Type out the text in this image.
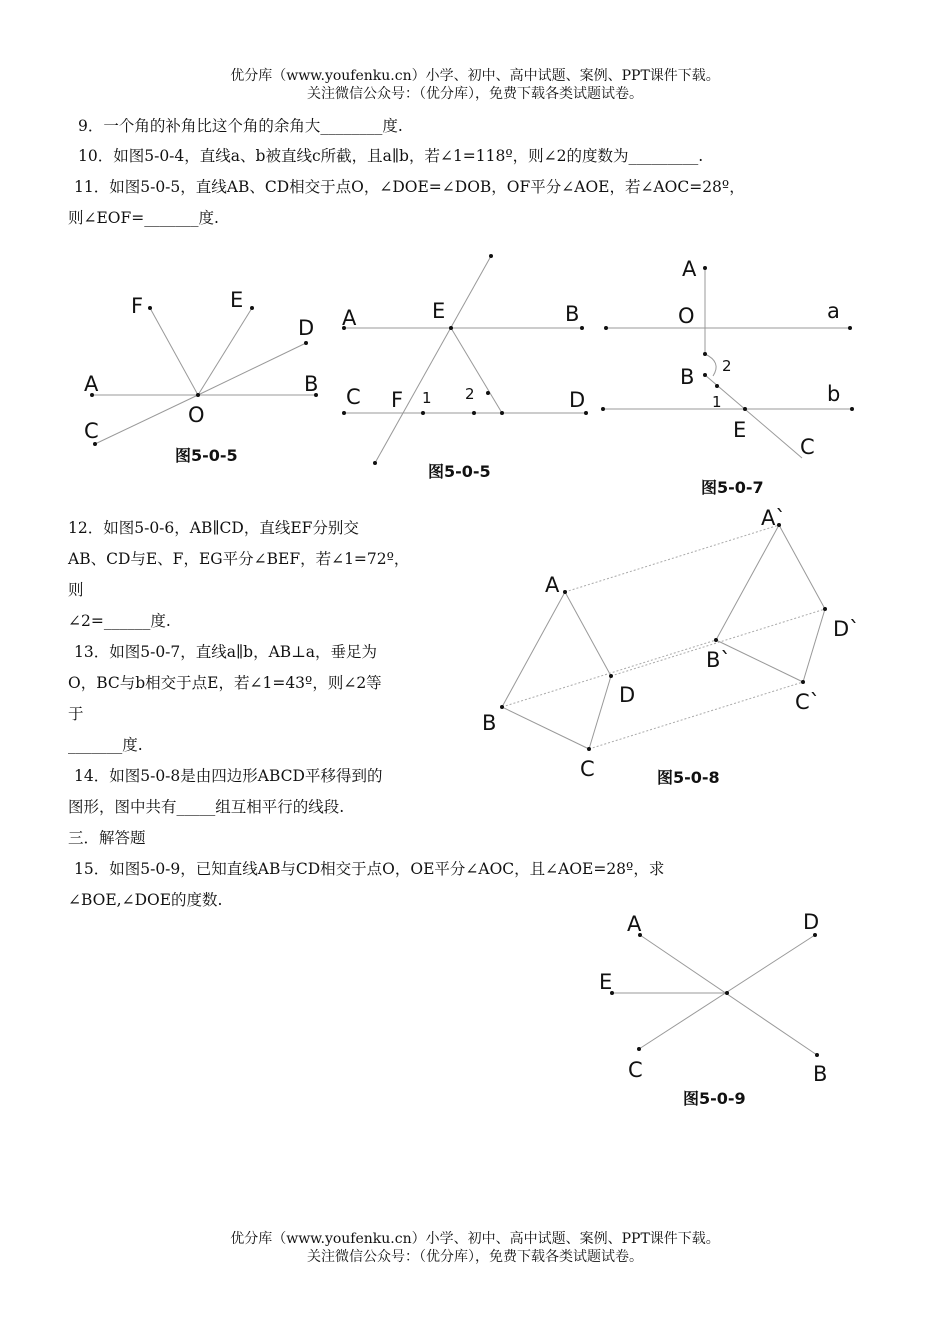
优分库（www.youfenku.cn）小学、初中、高中试题、案例、PPT课件下载。
关注微信公众号：（优分库），免费下载各类试题试卷。
9．一个角的补角比这个角的余角大________度.
10．如图5-0-4，直线a、b被直线c所截，且a∥b，若∠1=118º，则∠2的度数为_________.
11．如图5-0-5，直线AB、CD相交于点O，∠DOE=∠DOB，OF平分∠AOE，若∠AOC=28º，
则∠EOF=_______度.
12．如图5-0-6，AB∥CD，直线EF分别交
AB、CD与E、F，EG平分∠BEF，若∠1=72º，
则
∠2=______度.
13．如图5-0-7，直线a∥b，AB⊥a，垂足为
O，BC与b相交于点E，若∠1=43º，则∠2等
于
_______度.
14．如图5-0-8是由四边形ABCD平移得到的
图形，图中共有_____组互相平行的线段.
三．解答题
15．如图5-0-9，已知直线AB与CD相交于点O，OE平分∠AOC，且∠AOE=28º，求
∠BOE,∠DOE的度数.
F	E
D
A	B
O
C
图5-0-5
A	E	B
C F 1 2	D
图5-0-5
A
O	a
2
B
b
1
E
C
图5-0-7
A`
A
D`
B`
D	C`
B
C	图5-0-8
A	D
E
C	B
图5-0-9
优分库（www.youfenku.cn）小学、初中、高中试题、案例、PPT课件下载。
关注微信公众号：（优分库），免费下载各类试题试卷。
